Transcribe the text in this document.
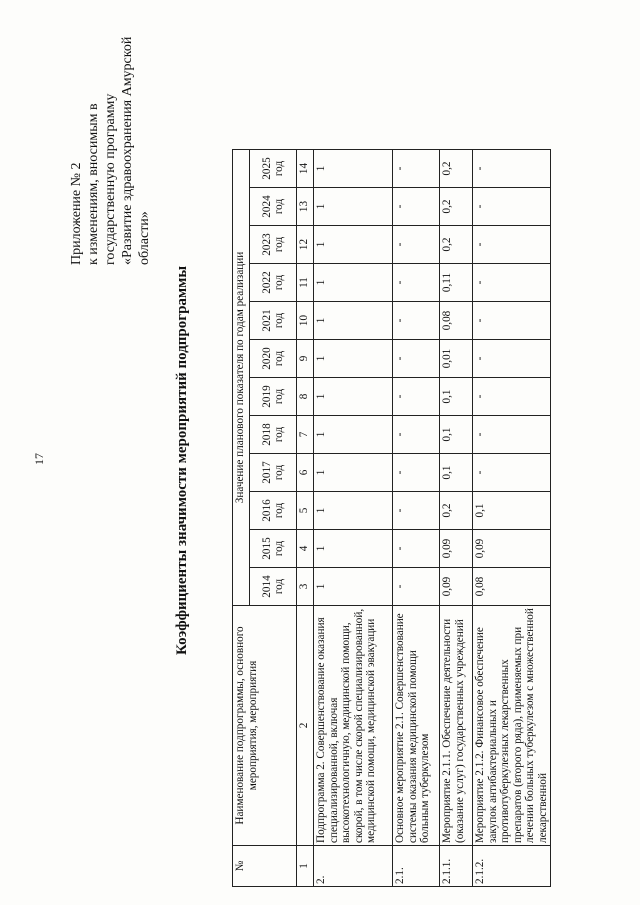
17
Приложение № 2 к изменениям, вносимым в государственную программу «Развитие здравоохранения Амурской области»
Коэффициенты значимости мероприятий подпрограммы
№	Наименование подпрограммы, основного мероприятия, мероприятия	Значение планового показателя по годам реализации											
		2014 год	2015 год	2016 год	2017 год	2018 год	2019 год	2020 год	2021 год	2022 год	2023 год	2024 год	2025 год
1	2	3	4	5	6	7	8	9	10	11	12	13	14
2.	Подпрограмма 2. Совершенствование оказания специализированной, включая высокотехнологичную, медицинской помощи, скорой, в том числе скорой специализированной, медицинской помощи, медицинской эвакуации	1	1	1	1	1	1	1	1	1	1	1	1
2.1.	Основное мероприятие 2.1. Совершенствование системы оказания медицинской помощи больным туберкулезом	-	-	-	-	-	-	-	-	-	-	-	-
2.1.1.	Мероприятие 2.1.1. Обеспечение деятельности (оказание услуг) государственных учреждений	0,09	0,09	0,2	0,1	0,1	0,1	0,01	0,08	0,11	0,2	0,2	0,2
2.1.2.	Мероприятие 2.1.2. Финансовое обеспечение закупок антибактериальных и противотуберкулезных лекарственных препаратов (второго ряда), применяемых при лечении больных туберкулезом с множественной лекарственной	0,08	0,09	0,1	-	-	-	-	-	-	-	-	-
